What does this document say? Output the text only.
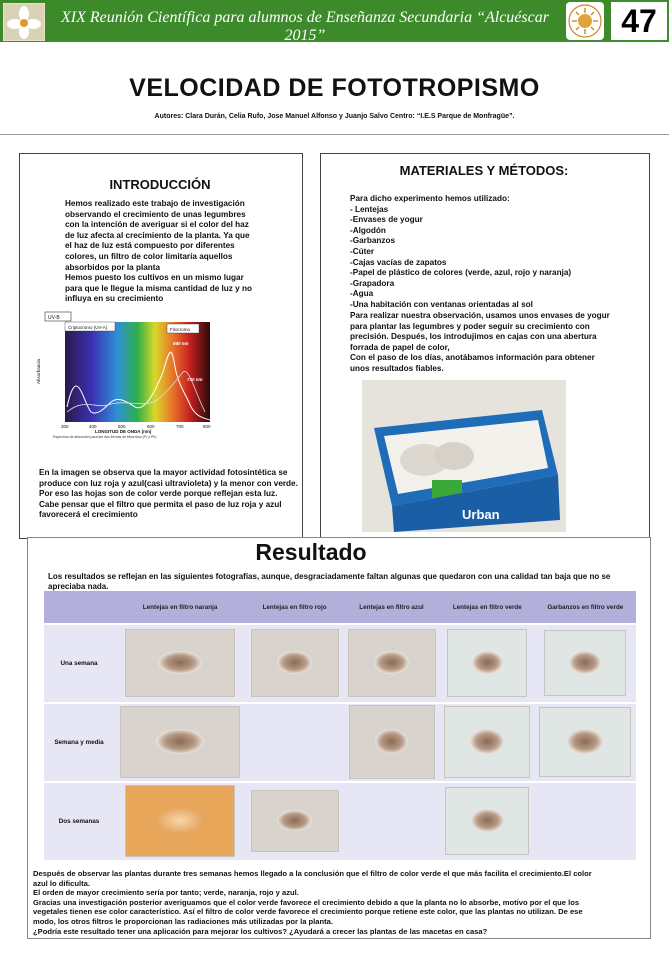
XIX Reunión Científica para alumnos de Enseñanza Secundaria “Alcuéscar 2015”	47
VELOCIDAD DE FOTOTROPISMO
Autores: Clara Durán, Celia Rufo, Jose Manuel Alfonso y Juanjo Salvo Centro: “I.E.S Parque de Monfragüe”.
INTRODUCCIÓN
Hemos realizado este trabajo de investigación
observando el crecimiento de unas legumbres
con la intención de averiguar si el color del haz
de luz afecta al crecimiento de la planta. Ya que
el haz de luz está compuesto por diferentes
colores, un filtro de color limitaría aquellos
absorbidos por la planta
Hemos puesto los cultivos en un mismo lugar
para que le llegue la misma cantidad de luz y no
influya en su crecimiento
UV-B
Criptocromo (UV-A)	Fitocromo
660 nm
730 nm
Absorbancia
300	400	500	600	700	800
LONGITUD DE ONDA (nm)
Espectros de absorción para las dos formas de fitocromo (Pr y Pfr)
En la imagen se observa que la mayor actividad fotosintética se
produce con luz roja y azul(casi ultravioleta) y la menor con verde.
Por eso las hojas son de color verde porque reflejan esta luz.
Cabe pensar que el filtro que permita el paso de luz roja y azul
favorecerá el crecimiento
MATERIALES Y MÉTODOS:
Para dicho experimento hemos utilizado:
- Lentejas
-Envases de yogur
-Algodón
-Garbanzos
-Cúter
-Cajas vacías de zapatos
-Papel de plástico de colores (verde, azul, rojo y naranja)
-Grapadora
-Agua
-Una habitación con ventanas orientadas al sol
Para realizar nuestra observación, usamos unos envases de yogur
para plantar las legumbres y poder seguir su crecimiento con
precisión. Después, los introdujimos en cajas con una abertura
forrada de papel de color,
Con el paso de los días, anotábamos información para obtener
unos resultados fiables.
Urban
Resultado
Los resultados se reflejan en las siguientes fotografías, aunque, desgraciadamente faltan algunas que quedaron con una calidad tan baja que no se
apreciaba nada.
	Lentejas en filtro naranja	Lentejas en filtro rojo	Lentejas en filtro azul	Lentejas en filtro verde	Garbanzos en filtro verde
Una semana					
Semana y media					
Dos semanas					
Después de observar las plantas durante tres semanas hemos llegado a la conclusión que el filtro de color verde el que más facilita el crecimiento.El color
azul lo dificulta.
El orden de mayor crecimiento sería por tanto; verde, naranja, rojo y azul.
Gracias una investigación posterior averiguamos que el color verde favorece el crecimiento debido a que la planta no lo absorbe, motivo por el que los
vegetales tienen ese color característico. Así el filtro de color verde favorece el crecimiento porque retiene este color, que las plantas no utilizan. De ese
modo, los otros filtros le proporcionan las radiaciones más utilizadas por la planta.
¿Podría este resultado tener una aplicación para mejorar los cultivos? ¿Ayudará a crecer las plantas de las macetas en casa?
